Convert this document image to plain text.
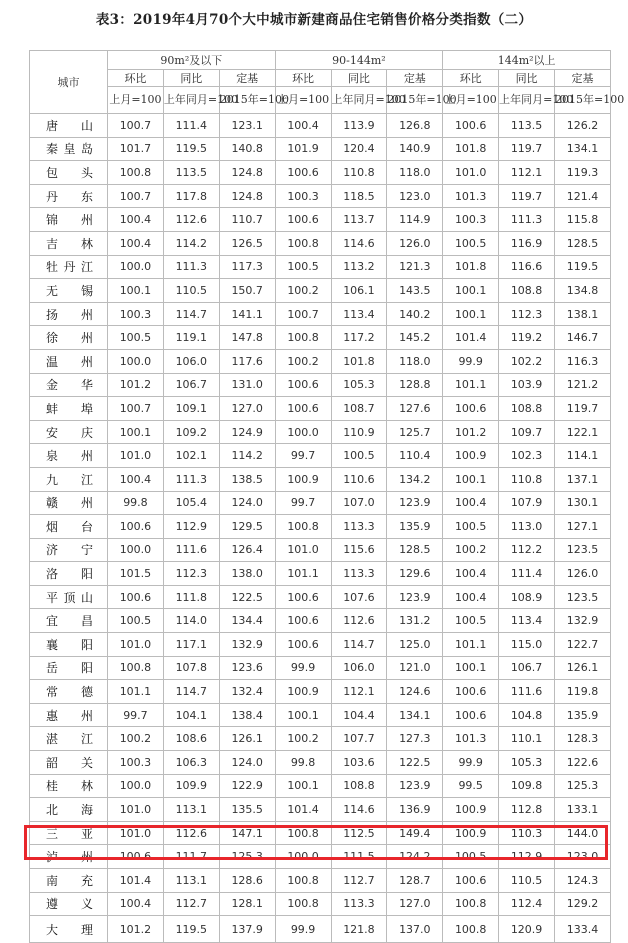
表3：2019年4月70个大中城市新建商品住宅销售价格分类指数（二）
城市	90m²及以下			90-144m²			144m²以上		
	环比	同比	定基	环比	同比	定基	环比	同比	定基
	上月=100	上年同月=100	2015年=100	上月=100	上年同月=100	2015年=100	上月=100	上年同月=100	2015年=100
唐山	100.7	111.4	123.1	100.4	113.9	126.8	100.6	113.5	126.2
秦皇岛	101.7	119.5	140.8	101.9	120.4	140.9	101.8	119.7	134.1
包头	100.8	113.5	124.8	100.6	110.8	118.0	101.0	112.1	119.3
丹东	100.7	117.8	124.8	100.3	118.5	123.0	101.3	119.7	121.4
锦州	100.4	112.6	110.7	100.6	113.7	114.9	100.3	111.3	115.8
吉林	100.4	114.2	126.5	100.8	114.6	126.0	100.5	116.9	128.5
牡丹江	100.0	111.3	117.3	100.5	113.2	121.3	101.8	116.6	119.5
无锡	100.1	110.5	150.7	100.2	106.1	143.5	100.1	108.8	134.8
扬州	100.3	114.7	141.1	100.7	113.4	140.2	100.1	112.3	138.1
徐州	100.5	119.1	147.8	100.8	117.2	145.2	101.4	119.2	146.7
温州	100.0	106.0	117.6	100.2	101.8	118.0	99.9	102.2	116.3
金华	101.2	106.7	131.0	100.6	105.3	128.8	101.1	103.9	121.2
蚌埠	100.7	109.1	127.0	100.6	108.7	127.6	100.6	108.8	119.7
安庆	100.1	109.2	124.9	100.0	110.9	125.7	101.2	109.7	122.1
泉州	101.0	102.1	114.2	99.7	100.5	110.4	100.9	102.3	114.1
九江	100.4	111.3	138.5	100.9	110.6	134.2	100.1	110.8	137.1
赣州	99.8	105.4	124.0	99.7	107.0	123.9	100.4	107.9	130.1
烟台	100.6	112.9	129.5	100.8	113.3	135.9	100.5	113.0	127.1
济宁	100.0	111.6	126.4	101.0	115.6	128.5	100.2	112.2	123.5
洛阳	101.5	112.3	138.0	101.1	113.3	129.6	100.4	111.4	126.0
平顶山	100.6	111.8	122.5	100.6	107.6	123.9	100.4	108.9	123.5
宜昌	100.5	114.0	134.4	100.6	112.6	131.2	100.5	113.4	132.9
襄阳	101.0	117.1	132.9	100.6	114.7	125.0	101.1	115.0	122.7
岳阳	100.8	107.8	123.6	99.9	106.0	121.0	100.1	106.7	126.1
常德	101.1	114.7	132.4	100.9	112.1	124.6	100.6	111.6	119.8
惠州	99.7	104.1	138.4	100.1	104.4	134.1	100.6	104.8	135.9
湛江	100.2	108.6	126.1	100.2	107.7	127.3	101.3	110.1	128.3
韶关	100.3	106.3	124.0	99.8	103.6	122.5	99.9	105.3	122.6
桂林	100.0	109.9	122.9	100.1	108.8	123.9	99.5	109.8	125.3
北海	101.0	113.1	135.5	101.4	114.6	136.9	100.9	112.8	133.1
三亚	101.0	112.6	147.1	100.8	112.5	149.4	100.9	110.3	144.0
泸州	100.6	111.7	125.3	100.0	111.5	124.2	100.5	112.9	123.0
南充	101.4	113.1	128.6	100.8	112.7	128.7	100.6	110.5	124.3
遵义	100.4	112.7	128.1	100.8	113.3	127.0	100.8	112.4	129.2
大理	101.2	119.5	137.9	99.9	121.8	137.0	100.8	120.9	133.4
